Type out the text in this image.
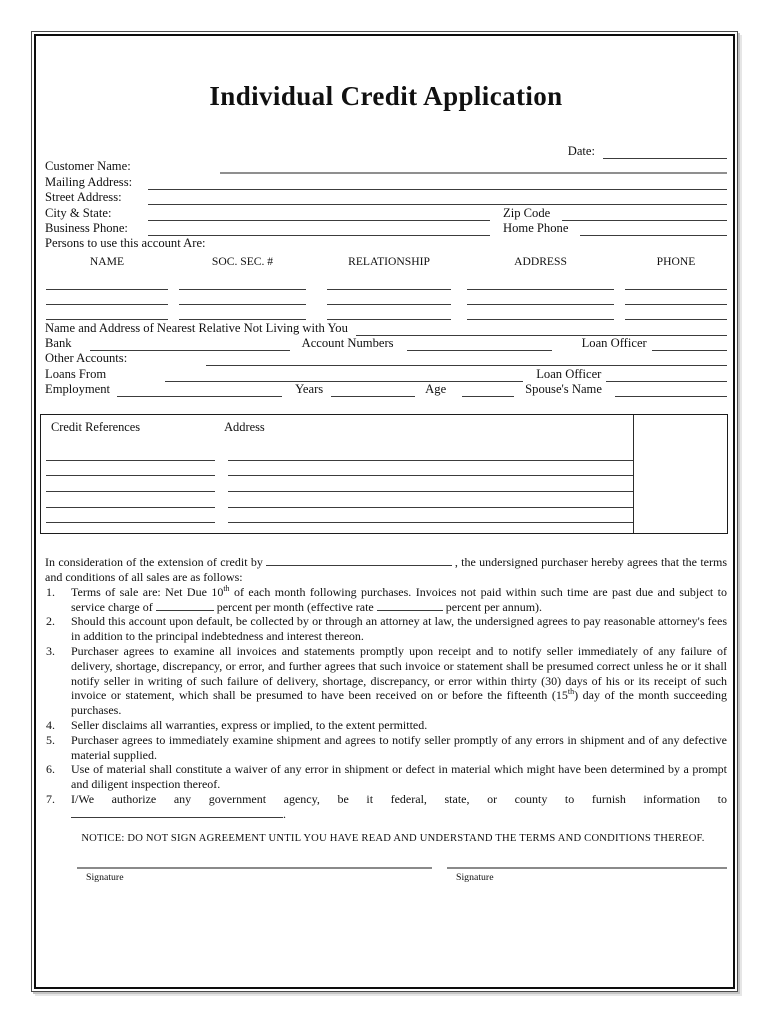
Individual Credit Application
Date:
Customer Name:
Mailing Address:
Street Address:
City & State:	Zip Code
Business Phone:	Home Phone
Persons to use this account Are:
NAME	SOC. SEC. #	RELATIONSHIP	ADDRESS	PHONE
Name and Address of Nearest Relative Not Living with You
Bank	Account Numbers	Loan Officer
Other Accounts:
Loans From	Loan Officer
Employment	Years	Age	Spouse's Name
Credit References	Address
In consideration of the extension of credit by	, the undersigned purchaser hereby agrees that the terms and conditions of all sales are as follows:
1.	Terms of sale are: Net Due 10th of each month following purchases. Invoices not paid within such time are past due and subject to service charge of	percent per month (effective rate	percent per annum).
2.	Should this account upon default, be collected by or through an attorney at law, the undersigned agrees to pay reasonable attorney's fees in addition to the principal indebtedness and interest thereon.
3.	Purchaser agrees to examine all invoices and statements promptly upon receipt and to notify seller immediately of any failure of delivery, shortage, discrepancy, or error, and further agrees that such invoice or statement shall be presumed correct unless he or it shall notify seller in writing of such failure of delivery, shortage, discrepancy, or error within thirty (30) days of his or its receipt of such invoice or statement, which shall be presumed to have been received on or before the fifteenth (15th) day of the month succeeding purchases.
4.	Seller disclaims all warranties, express or implied, to the extent permitted.
5.	Purchaser agrees to immediately examine shipment and agrees to notify seller promptly of any errors in shipment and of any defective material supplied.
6.	Use of material shall constitute a waiver of any error in shipment or defect in material which might have been determined by a prompt and diligent inspection thereof.
7.	I/We authorize any government agency, be it federal, state, or county to furnish information to .
NOTICE: DO NOT SIGN AGREEMENT UNTIL YOU HAVE READ AND UNDERSTAND THE TERMS AND CONDITIONS THEREOF.
Signature	Signature
